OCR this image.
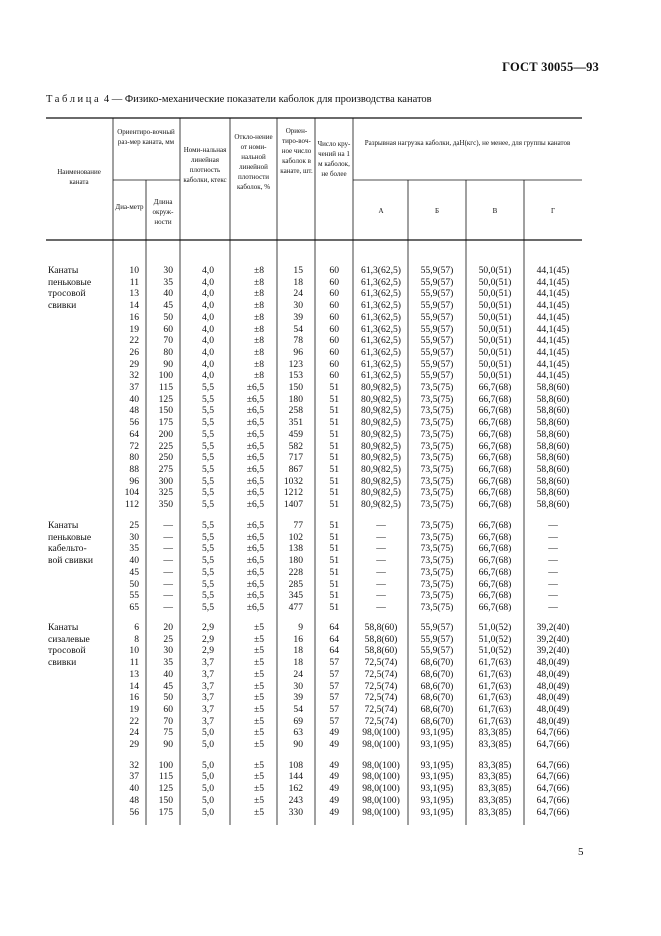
ГОСТ 30055—93
Таблица 4 — Физико-механические показатели каболок для производства канатов
Наименование каната
Ориентиро-вочный раз-мер каната, мм
Диа-метр
Длина окруж-ности
Номи-нальная линейная плотность каболки, ктекс
Откло-нение от номи-нальной линейной плотности каболок, %
Ориен-тиро-вoч-ное число каболок в канате, шт.
Число кру-чений на 1 м каболок, не более
Разрывная нагрузка каболки, даН(кгс), не менее, для группы канатов
А	Б	В	Г
Канаты
пеньковые
тросовой
свивки
10	30	4,0	±8	15	60	61,3(62,5)	55,9(57)	50,0(51)	44,1(45)
11	35	4,0	±8	18	60	61,3(62,5)	55,9(57)	50,0(51)	44,1(45)
13	40	4,0	±8	24	60	61,3(62,5)	55,9(57)	50,0(51)	44,1(45)
14	45	4,0	±8	30	60	61,3(62,5)	55,9(57)	50,0(51)	44,1(45)
16	50	4,0	±8	39	60	61,3(62,5)	55,9(57)	50,0(51)	44,1(45)
19	60	4,0	±8	54	60	61,3(62,5)	55,9(57)	50,0(51)	44,1(45)
22	70	4,0	±8	78	60	61,3(62,5)	55,9(57)	50,0(51)	44,1(45)
26	80	4,0	±8	96	60	61,3(62,5)	55,9(57)	50,0(51)	44,1(45)
29	90	4,0	±8	123	60	61,3(62,5)	55,9(57)	50,0(51)	44,1(45)
32 100	4,0	±8	153	60	61,3(62,5)	55,9(57)	50,0(51)	44,1(45)
37 115	5,5	±6,5	150	51	80,9(82,5)	73,5(75)	66,7(68)	58,8(60)
40 125	5,5	±6,5	180	51	80,9(82,5)	73,5(75)	66,7(68)	58,8(60)
48 150	5,5	±6,5	258	51	80,9(82,5)	73,5(75)	66,7(68)	58,8(60)
56 175	5,5	±6,5	351	51	80,9(82,5)	73,5(75)	66,7(68)	58,8(60)
64 200	5,5	±6,5	459	51	80,9(82,5)	73,5(75)	66,7(68)	58,8(60)
72 225	5,5	±6,5	582	51	80,9(82,5)	73,5(75)	66,7(68)	58,8(60)
80 250	5,5	±6,5	717	51	80,9(82,5)	73,5(75)	66,7(68)	58,8(60)
88 275	5,5	±6,5	867	51	80,9(82,5)	73,5(75)	66,7(68)	58,8(60)
96 300	5,5	±6,5 1032	51	80,9(82,5)	73,5(75)	66,7(68)	58,8(60)
104 325	5,5	±6,5 1212	51	80,9(82,5)	73,5(75)	66,7(68)	58,8(60)
112 350	5,5	±6,5 1407	51	80,9(82,5)	73,5(75)	66,7(68)	58,8(60)
Канаты
пеньковые
кабельто-
вой свивки
25	—	5,5	±6,5	77	51	—	73,5(75)	66,7(68)	—
30	—	5,5	±6,5	102	51	—	73,5(75)	66,7(68)	—
35	—	5,5	±6,5	138	51	—	73,5(75)	66,7(68)	—
40	—	5,5	±6,5	180	51	—	73,5(75)	66,7(68)	—
45	—	5,5	±6,5	228	51	—	73,5(75)	66,7(68)	—
50	—	5,5	±6,5	285	51	—	73,5(75)	66,7(68)	—
55	—	5,5	±6,5	345	51	—	73,5(75)	66,7(68)	—
65	—	5,5	±6,5	477	51	—	73,5(75)	66,7(68)	—
Канаты
сизалевые
тросовой
свивки
6	20	2,9	±5	9	64	58,8(60)	55,9(57)	51,0(52)	39,2(40)
8	25	2,9	±5	16	64	58,8(60)	55,9(57)	51,0(52)	39,2(40)
10	30	2,9	±5	18	64	58,8(60)	55,9(57)	51,0(52)	39,2(40)
11	35	3,7	±5	18	57	72,5(74)	68,6(70)	61,7(63)	48,0(49)
13	40	3,7	±5	24	57	72,5(74)	68,6(70)	61,7(63)	48,0(49)
14	45	3,7	±5	30	57	72,5(74)	68,6(70)	61,7(63)	48,0(49)
16	50	3,7	±5	39	57	72,5(74)	68,6(70)	61,7(63)	48,0(49)
19	60	3,7	±5	54	57	72,5(74)	68,6(70)	61,7(63)	48,0(49)
22	70	3,7	±5	69	57	72,5(74)	68,6(70)	61,7(63)	48,0(49)
24	75	5,0	±5	63	49	98,0(100)	93,1(95)	83,3(85)	64,7(66)
29	90	5,0	±5	90	49	98,0(100)	93,1(95)	83,3(85)	64,7(66)
32 100	5,0	±5	108	49	98,0(100)	93,1(95)	83,3(85)	64,7(66)
37 115	5,0	±5	144	49	98,0(100)	93,1(95)	83,3(85)	64,7(66)
40 125	5,0	±5	162	49	98,0(100)	93,1(95)	83,3(85)	64,7(66)
48 150	5,0	±5	243	49	98,0(100)	93,1(95)	83,3(85)	64,7(66)
56 175	5,0	±5	330	49	98,0(100)	93,1(95)	83,3(85)	64,7(66)
5
